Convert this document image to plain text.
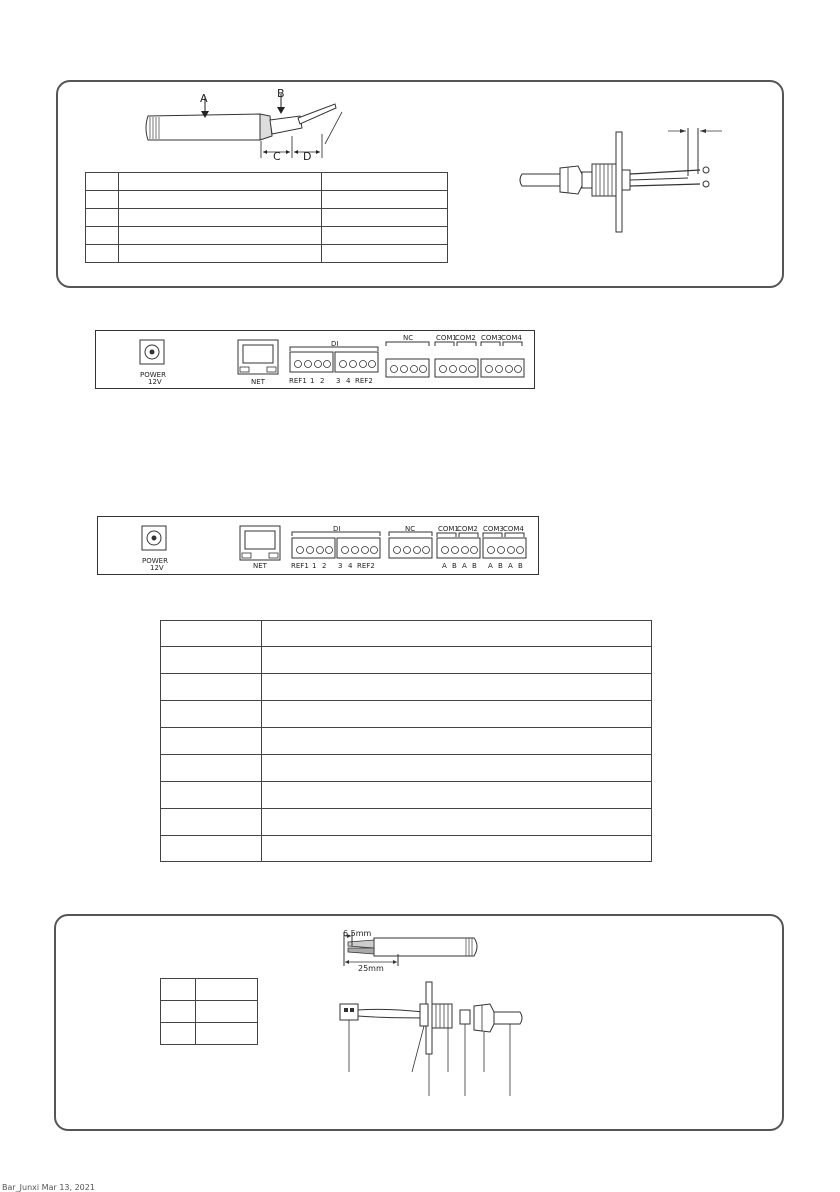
A	B
C D

POWER
12V	NET
DI
REF1 1 2 3 4 REF2
NC	COM1
COM2 COM3 COM4
POWER
12V	NET
DI
REF1 1 2 3 4 REF2
NC	COM1
COM2 COM3 COM4
A B A B A B A B

6.5mm
25mm

Bar_Junxi Mar 13, 2021
